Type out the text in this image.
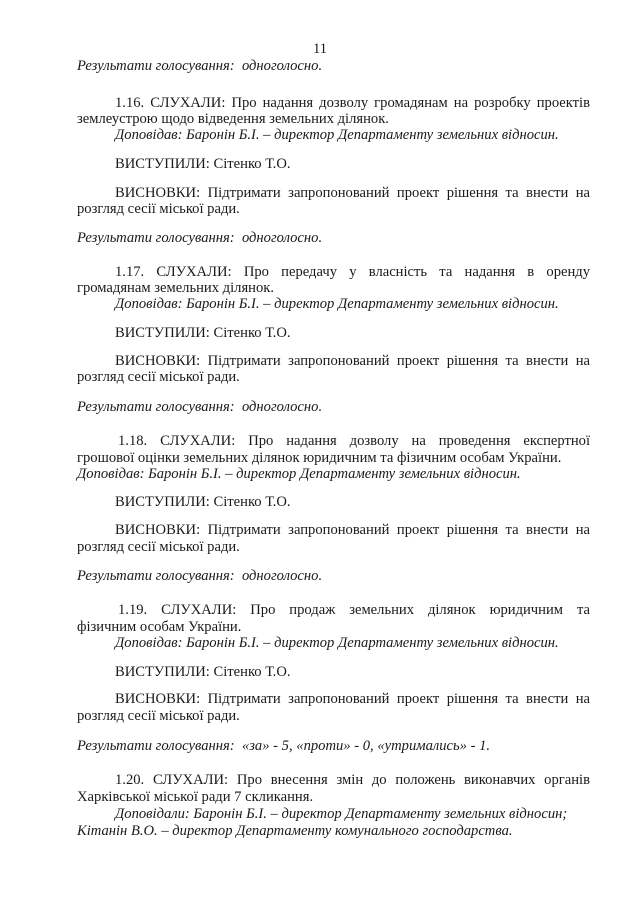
11
Результати голосування: одноголосно.
1.16. СЛУХАЛИ: Про надання дозволу громадянам на розробку проектів
землеустрою щодо відведення земельних ділянок.
Доповідав: Баронін Б.І. – директор Департаменту земельних відносин.
ВИСТУПИЛИ: Сітенко Т.О.
ВИСНОВКИ: Підтримати запропонований проект рішення та внести на
розгляд сесії міської ради.
Результати голосування: одноголосно.
1.17. СЛУХАЛИ: Про передачу у власність та надання в оренду
громадянам земельних ділянок.
Доповідав: Баронін Б.І. – директор Департаменту земельних відносин.
ВИСТУПИЛИ: Сітенко Т.О.
ВИСНОВКИ: Підтримати запропонований проект рішення та внести на
розгляд сесії міської ради.
Результати голосування: одноголосно.
1.18. СЛУХАЛИ: Про надання дозволу на проведення експертної
грошової оцінки земельних ділянок юридичним та фізичним особам України.
Доповідав: Баронін Б.І. – директор Департаменту земельних відносин.
ВИСТУПИЛИ: Сітенко Т.О.
ВИСНОВКИ: Підтримати запропонований проект рішення та внести на
розгляд сесії міської ради.
Результати голосування: одноголосно.
1.19. СЛУХАЛИ: Про продаж земельних ділянок юридичним та
фізичним особам України.
Доповідав: Баронін Б.І. – директор Департаменту земельних відносин.
ВИСТУПИЛИ: Сітенко Т.О.
ВИСНОВКИ: Підтримати запропонований проект рішення та внести на
розгляд сесії міської ради.
Результати голосування: «за» - 5, «проти» - 0, «утримались» - 1.
1.20. СЛУХАЛИ: Про внесення змін до положень виконавчих органів
Харківської міської ради 7 скликання.
Доповідали: Баронін Б.І. – директор Департаменту земельних відносин;
Кітанін В.О. – директор Департаменту комунального господарства.
